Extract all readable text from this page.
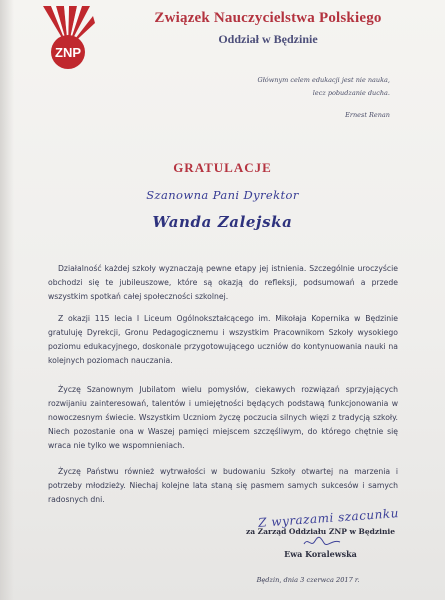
ZNP
Związek Nauczycielstwa Polskiego
Oddział w Będzinie
Głównym celem edukacji jest nie nauka,
lecz pobudzanie ducha.
Ernest Renan
GRATULACJE
Szanowna Pani Dyrektor
Wanda Zalejska

Działalność każdej szkoły wyznaczają pewne etapy jej istnienia. Szczególnie uroczyście obchodzi się te jubileuszowe, które są okazją do refleksji, podsumowań a przede wszystkim spotkań całej społeczności szkolnej.

Z okazji 115 lecia I Liceum Ogólnokształcącego im. Mikołaja Kopernika w Będzinie gratuluję Dyrekcji, Gronu Pedagogicznemu i wszystkim Pracownikom Szkoły wysokiego poziomu edukacyjnego, doskonale przygotowującego uczniów do kontynuowania nauki na kolejnych poziomach nauczania.

Życzę Szanownym Jubilatom wielu pomysłów, ciekawych rozwiązań sprzyjających rozwijaniu zainteresowań, talentów i umiejętności będących podstawą funkcjonowania w nowoczesnym świecie. Wszystkim Uczniom życzę poczucia silnych więzi z tradycją szkoły. Niech pozostanie ona w Waszej pamięci miejscem szczęśliwym, do którego chętnie się wraca nie tylko we wspomnieniach.

Życzę Państwu również wytrwałości w budowaniu Szkoły otwartej na marzenia i potrzeby młodzieży. Niechaj kolejne lata staną się pasmem samych sukcesów i samych radosnych dni.

Z wyrazami szacunku
za Zarząd Oddziału ZNP w Będzinie
Ewa Koralewska
Będzin, dnia 3 czerwca 2017 r.
